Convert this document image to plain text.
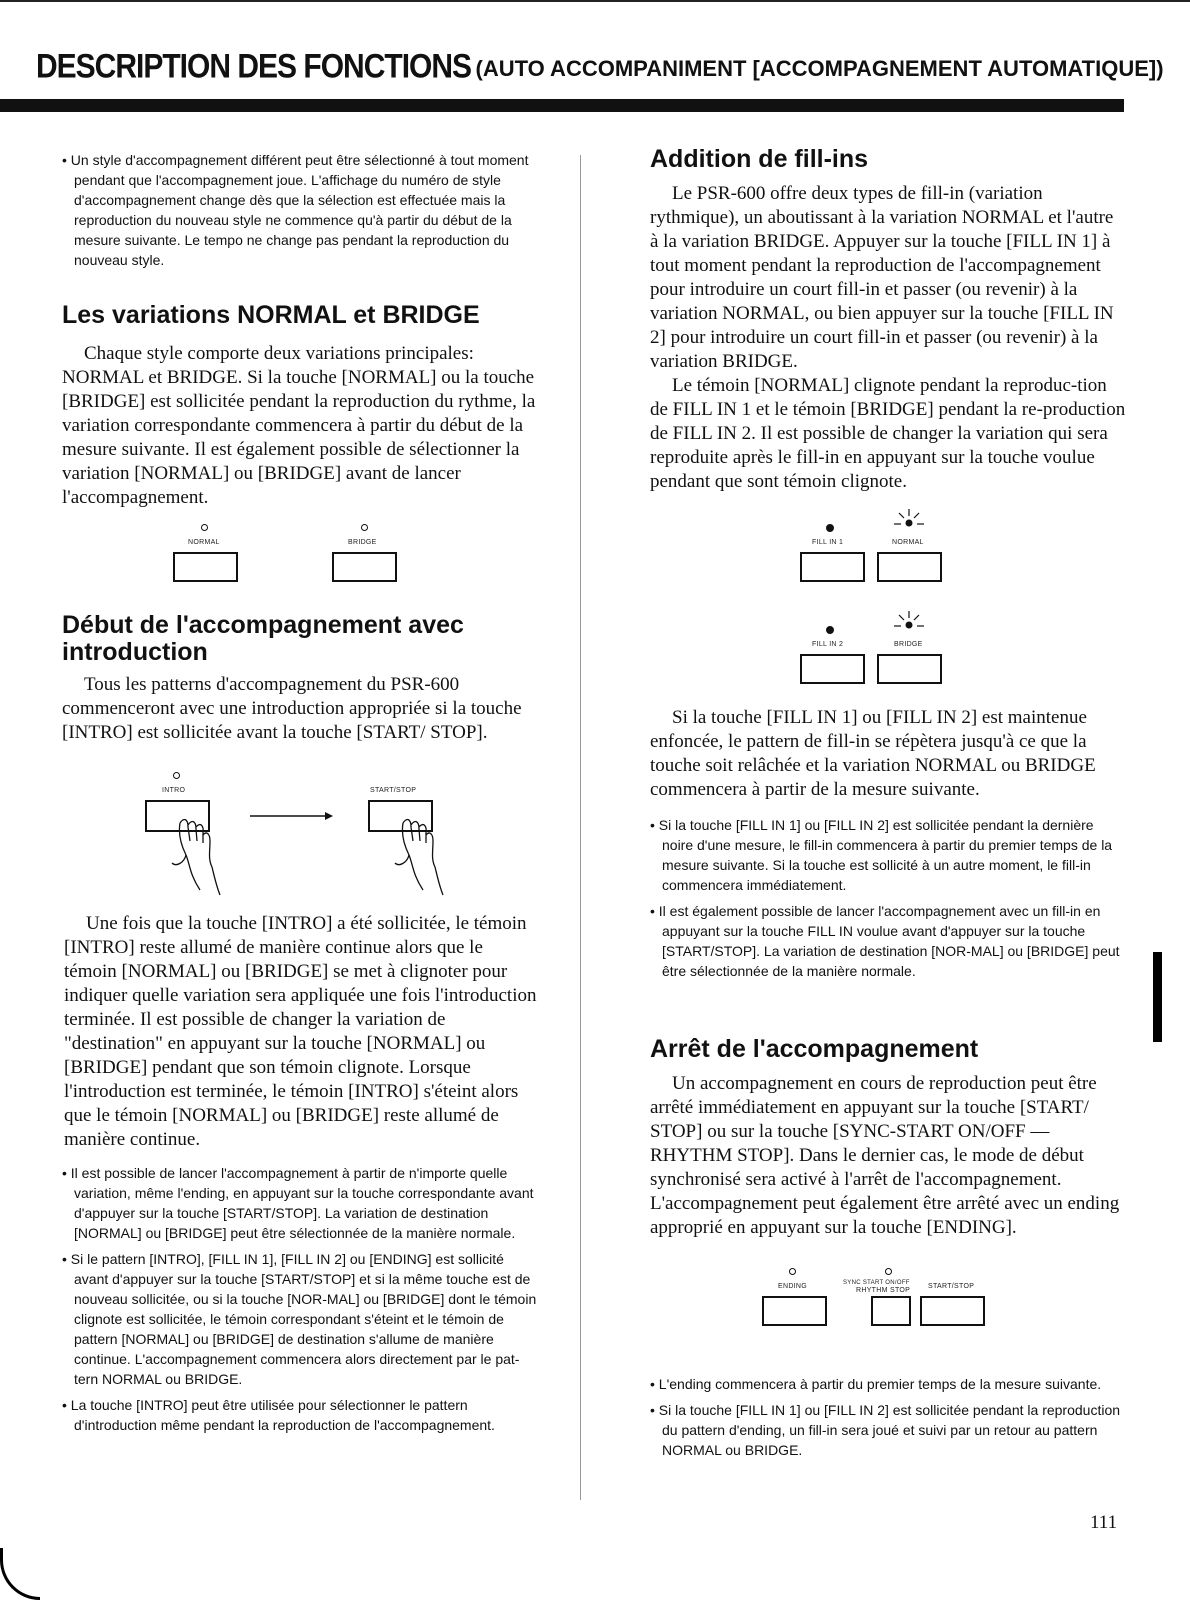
DESCRIPTION DES FONCTIONS (AUTO ACCOMPANIMENT [ACCOMPAGNEMENT AUTOMATIQUE])
• Un style d'accompagnement différent peut être sélectionné à tout moment pendant que l'accompagnement joue. L'affichage du numéro de style d'accompagnement change dès que la sélection est effectuée mais la reproduction du nouveau style ne commence qu'à partir du début de la mesure suivante. Le tempo ne change pas pendant la reproduction du nouveau style.
Les variations NORMAL et BRIDGE

Chaque style comporte deux variations principales: NORMAL et BRIDGE. Si la touche [NORMAL] ou la touche [BRIDGE] est sollicitée pendant la reproduction du rythme, la variation correspondante commencera à partir du début de la mesure suivante. Il est également possible de sélectionner la variation [NORMAL] ou [BRIDGE] avant de lancer l'accompagnement.

NORMAL	BRIDGE
Début de l'accompagnement avec introduction

Tous les patterns d'accompagnement du PSR-600 commenceront avec une introduction appropriée si la touche [INTRO] est sollicitée avant la touche [START/ STOP].

INTRO	START/STOP

Une fois que la touche [INTRO] a été sollicitée, le témoin [INTRO] reste allumé de manière continue alors que le témoin [NORMAL] ou [BRIDGE] se met à clignoter pour indiquer quelle variation sera appliquée une fois l'introduction terminée. Il est possible de changer la variation de "destination" en appuyant sur la touche [NORMAL] ou [BRIDGE] pendant que son témoin clignote. Lorsque l'introduction est terminée, le témoin [INTRO] s'éteint alors que le témoin [NORMAL] ou [BRIDGE] reste allumé de manière continue.

• Il est possible de lancer l'accompagnement à partir de n'importe quelle variation, même l'ending, en appuyant sur la touche correspondante avant d'appuyer sur la touche [START/STOP]. La variation de destination [NORMAL] ou [BRIDGE] peut être sélectionnée de la manière normale.
• Si le pattern [INTRO], [FILL IN 1], [FILL IN 2] ou [ENDING] est sollicité avant d'appuyer sur la touche [START/STOP] et si la même touche est de nouveau sollicitée, ou si la touche [NOR-MAL] ou [BRIDGE] dont le témoin clignote est sollicitée, le témoin correspondant s'éteint et le témoin de pattern [NORMAL] ou [BRIDGE] de destination s'allume de manière continue. L'accompagnement commencera alors directement par le pat-tern NORMAL ou BRIDGE.
• La touche [INTRO] peut être utilisée pour sélectionner le pattern d'introduction même pendant la reproduction de l'accompagnement.
Addition de fill-ins

Le PSR-600 offre deux types de fill-in (variation rythmique), un aboutissant à la variation NORMAL et l'autre à la variation BRIDGE. Appuyer sur la touche [FILL IN 1] à tout moment pendant la reproduction de l'accompagnement pour introduire un court fill-in et passer (ou revenir) à la variation NORMAL, ou bien appuyer sur la touche [FILL IN 2] pour introduire un court fill-in et passer (ou revenir) à la variation BRIDGE.

Le témoin [NORMAL] clignote pendant la reproduc-tion de FILL IN 1 et le témoin [BRIDGE] pendant la re-production de FILL IN 2. Il est possible de changer la variation qui sera reproduite après le fill-in en appuyant sur la touche voulue pendant que sont témoin clignote.

FILL IN 1	NORMAL
FILL IN 2	BRIDGE

Si la touche [FILL IN 1] ou [FILL IN 2] est maintenue enfoncée, le pattern de fill-in se répètera jusqu'à ce que la touche soit relâchée et la variation NORMAL ou BRIDGE commencera à partir de la mesure suivante.

• Si la touche [FILL IN 1] ou [FILL IN 2] est sollicitée pendant la dernière noire d'une mesure, le fill-in commencera à partir du premier temps de la mesure suivante. Si la touche est sollicité à un autre moment, le fill-in commencera immédiatement.
• Il est également possible de lancer l'accompagnement avec un fill-in en appuyant sur la touche FILL IN voulue avant d'appuyer sur la touche [START/STOP]. La variation de destination [NOR-MAL] ou [BRIDGE] peut être sélectionnée de la manière normale.
Arrêt de l'accompagnement

Un accompagnement en cours de reproduction peut être arrêté immédiatement en appuyant sur la touche [START/ STOP] ou sur la touche [SYNC-START ON/OFF — RHYTHM STOP]. Dans le dernier cas, le mode de début synchronisé sera activé à l'arrêt de l'accompagnement. L'accompagnement peut également être arrêté avec un ending approprié en appuyant sur la touche [ENDING].

ENDING	SYNC START ON/OFF
RHYTHM STOP
START/STOP
• L'ending commencera à partir du premier temps de la mesure suivante.
• Si la touche [FILL IN 1] ou [FILL IN 2] est sollicitée pendant la reproduction du pattern d'ending, un fill-in sera joué et suivi par un retour au pattern NORMAL ou BRIDGE.
111
